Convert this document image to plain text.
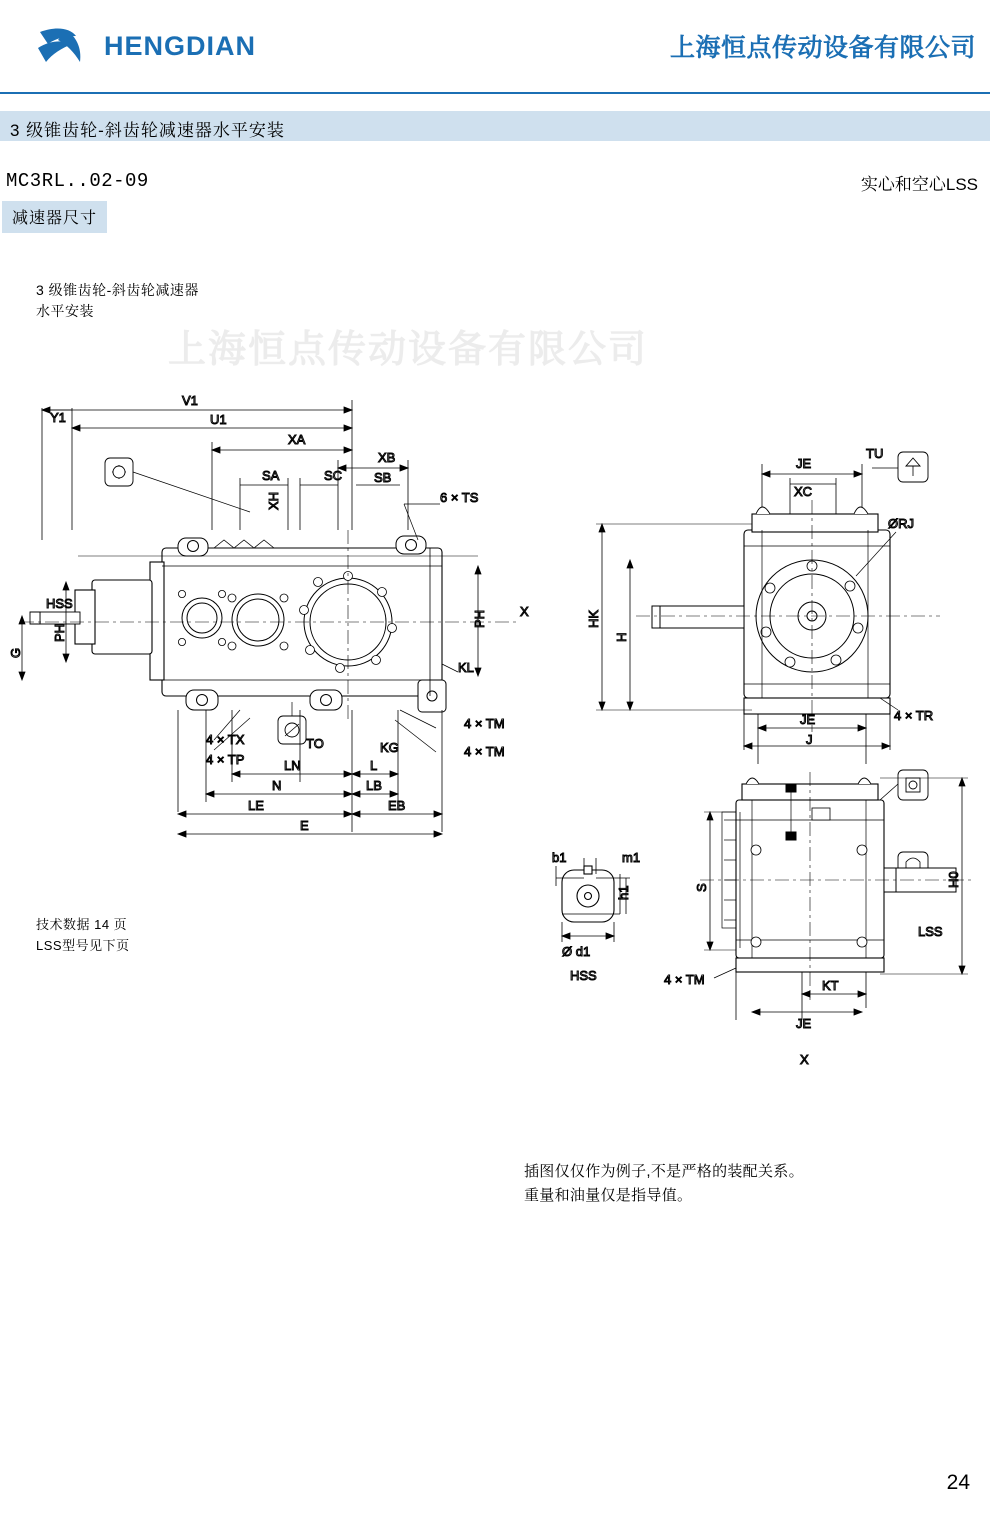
HENGDIAN	上海恒点传动设备有限公司
3 级锥齿轮-斜齿轮减速器水平安装
MC3RL..02-09	实心和空心LSS
减速器尺寸
3 级锥齿轮-斜齿轮减速器
水平安装
上海恒点传动设备有限公司
V1
Y1	U1
XA
XB
SA	SC SB
XH	6 × TS
4 × TX
4 × TP
TO
4 × TM
4 × TM
KL
KG
HSS
X
PH
PH
G
LN	L
N	LB
LE	EB
E
JE
XC
TU
ØRJ
4 × TR
HK
H
JE
J
S	H0
KT
JE
X
LSS
4 × TM
b1	m1
h1
Ø d1
HSS
技术数据 14 页
LSS型号见下页
插图仅仅作为例子,不是严格的装配关系。
重量和油量仅是指导值。
24
